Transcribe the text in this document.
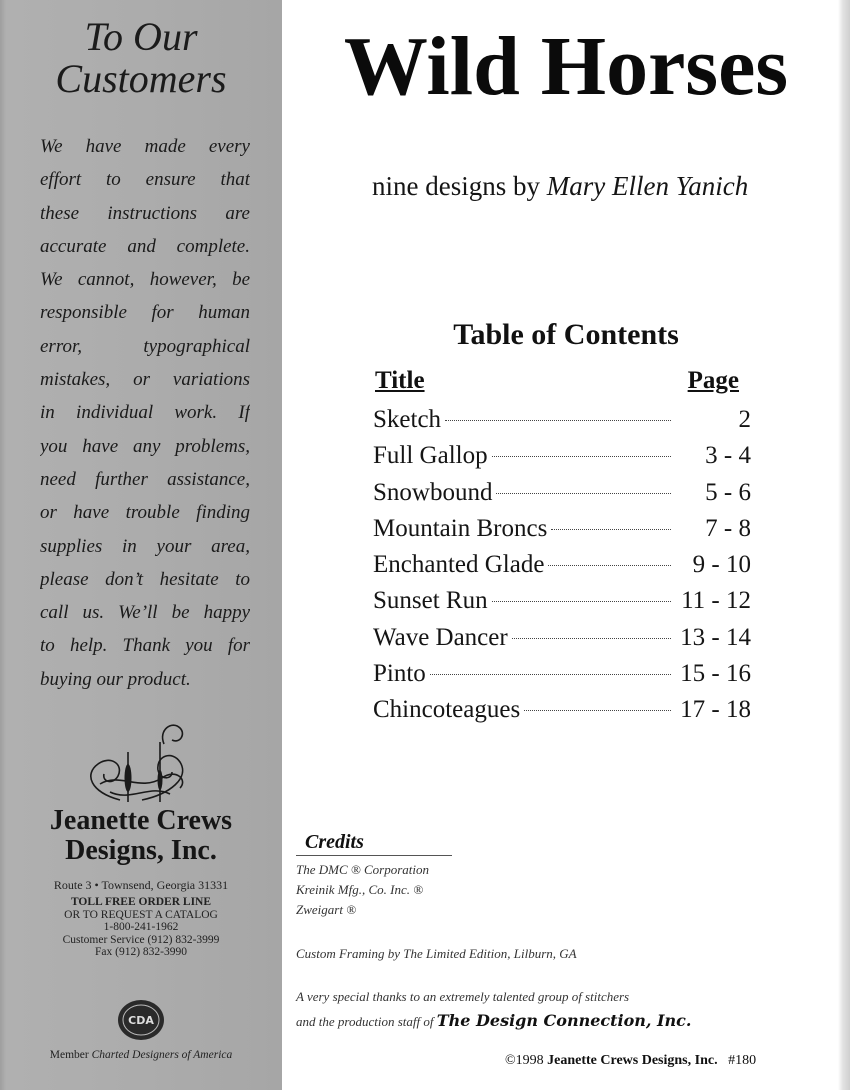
To Our
Customers
We have made every
effort to ensure that
these instructions are
accurate and complete.
We cannot, however, be
responsible for human
error, typographical
mistakes, or variations
in individual work. If
you have any problems,
need further assistance,
or have trouble finding
supplies in your area,
please don’t hesitate to
call us. We’ll be happy
to help. Thank you for
buying our product.
Jeanette Crews
Designs, Inc.
Route 3 • Townsend, Georgia 31331
TOLL FREE ORDER LINE
OR TO REQUEST A CATALOG
1-800-241-1962
Customer Service (912) 832-3999
Fax (912) 832-3990
CDA
Member Charted Designers of America
Wild Horses
nine designs by Mary Ellen Yanich
Table of Contents
Title	Page
Sketch	2
Full Gallop	3 - 4
Snowbound	5 - 6
Mountain Broncs	7 - 8
Enchanted Glade	9 - 10
Sunset Run	11 - 12
Wave Dancer	13 - 14
Pinto	15 - 16
Chincoteagues	17 - 18
Credits
The DMC ® Corporation
Kreinik Mfg., Co. Inc. ®
Zweigart ®
Custom Framing by The Limited Edition, Lilburn, GA
A very special thanks to an extremely talented group of stitchers
and the production staff of The Design Connection, Inc.
©1998 Jeanette Crews Designs, Inc. #180
